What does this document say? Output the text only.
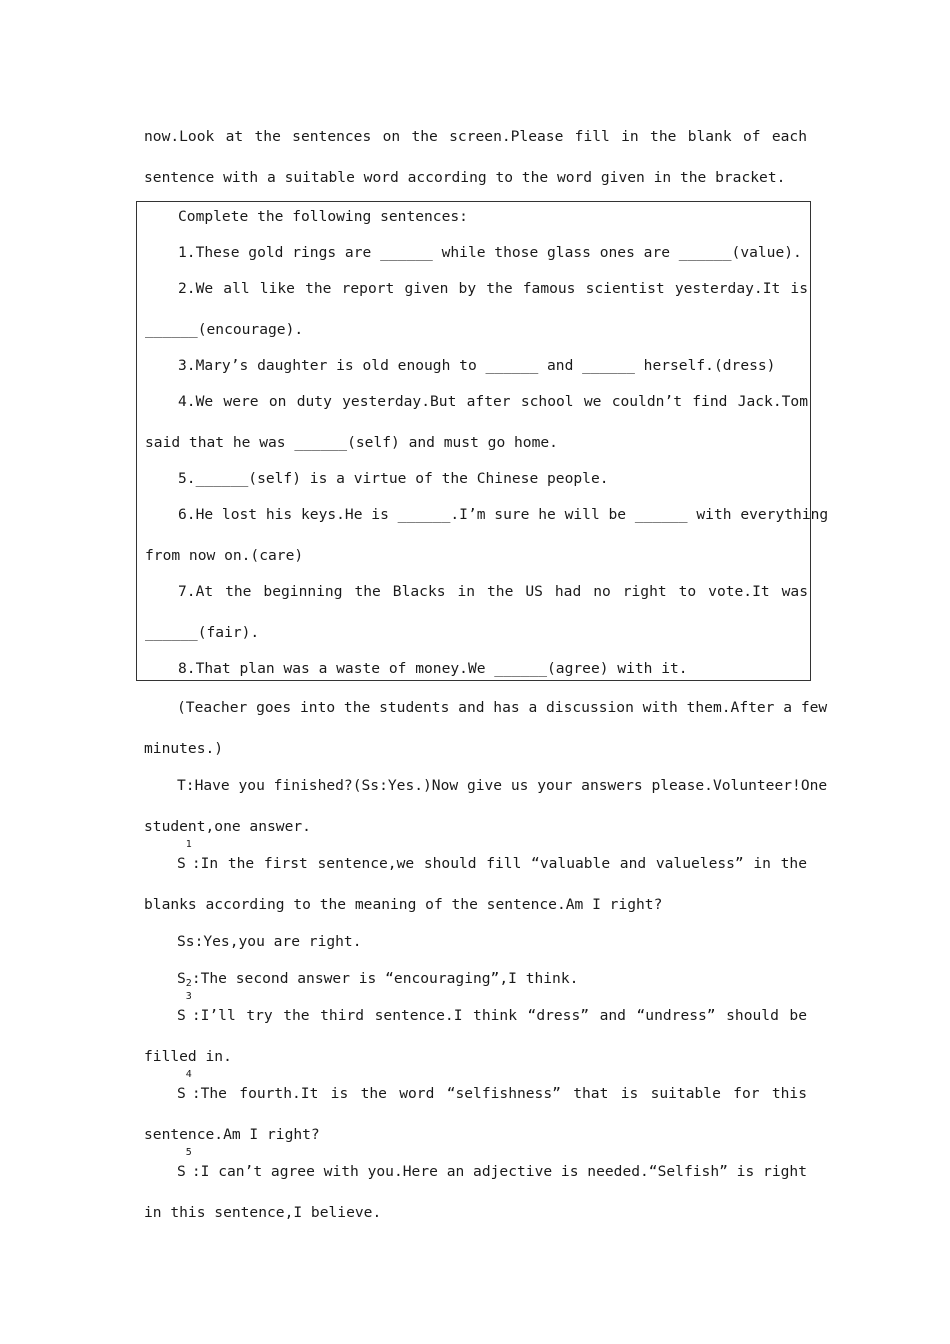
now.Look at the sentences on the screen.Please fill in the blank of each
sentence with a suitable word according to the word given in the bracket.
Complete the following sentences:
1.These gold rings are ______ while those glass ones are ______(value).
2.We all like the report given by the famous scientist yesterday.It is
______(encourage).
3.Mary’s daughter is old enough to ______ and ______ herself.(dress)
4.We were on duty yesterday.But after school we couldn’t find Jack.Tom
said that he was ______(self) and must go home.
5.______(self) is a virtue of the Chinese people.
6.He lost his keys.He is ______.I’m sure he will be ______ with everything
from now on.(care)
7.At the beginning the Blacks in the US had no right to vote.It was
______(fair).
8.That plan was a waste of money.We ______(agree) with it.
(Teacher goes into the students and has a discussion with them.After a few
minutes.)
T:Have you finished?(Ss:Yes.)Now give us your answers please.Volunteer!One
student,one answer.
S
1
:In the first sentence,we should fill “valuable and valueless” in the
blanks according to the meaning of the sentence.Am I right?
Ss:Yes,you are right.
$S_2:The$ second answer is “encouraging”,I think.
S
3
:I’ll try the third sentence.I think “dress” and “undress” should be
filled in.
S
4
:The fourth.It is the word “selfishness” that is suitable for this
sentence.Am I right?
S
5
:I can’t agree with you.Here an adjective is needed.“Selfish” is right
in this sentence,I believe.
